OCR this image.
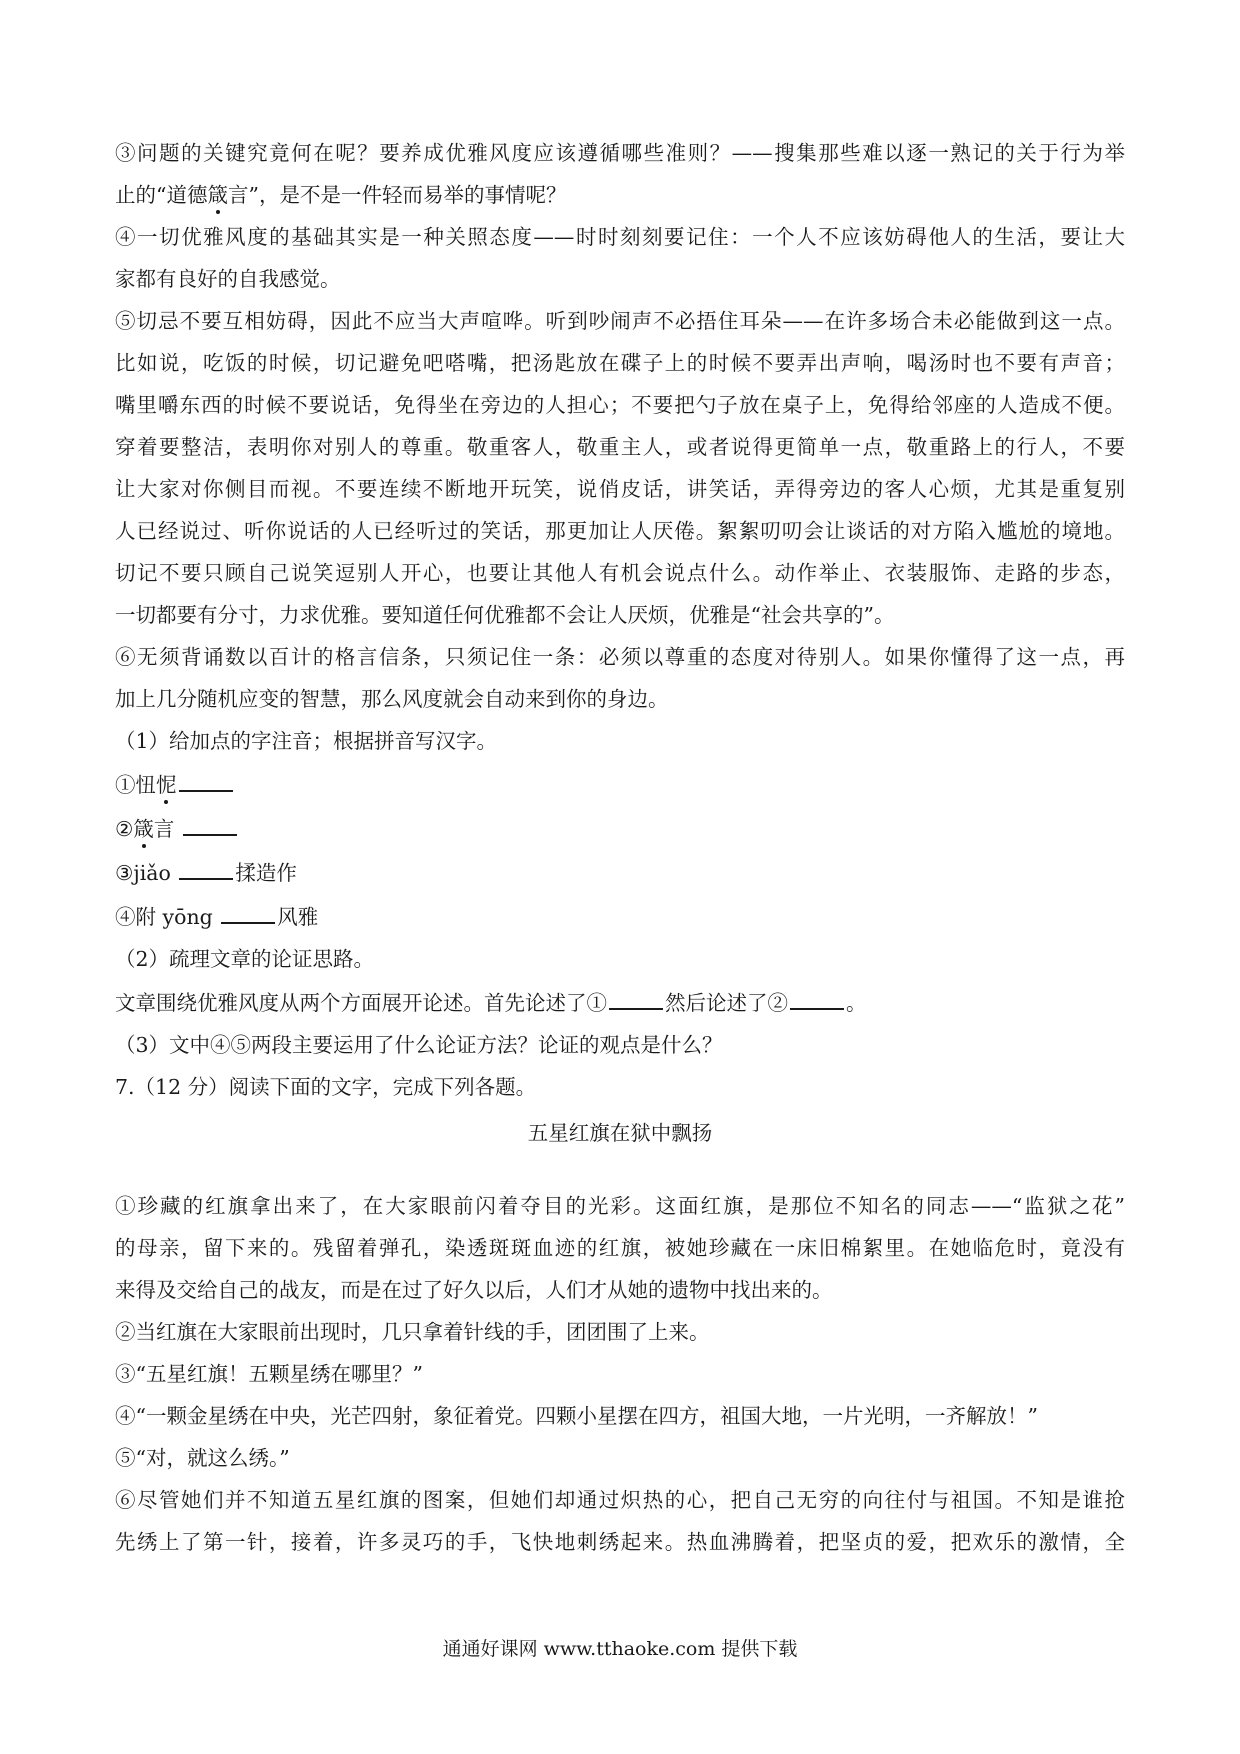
③问题的关键究竟何在呢？要养成优雅风度应该遵循哪些准则？——搜集那些难以逐一熟记的关于行为举
止的“道德箴言”，是不是一件轻而易举的事情呢？
④一切优雅风度的基础其实是一种关照态度——时时刻刻要记住：一个人不应该妨碍他人的生活，要让大
家都有良好的自我感觉。
⑤切忌不要互相妨碍，因此不应当大声喧哗。听到吵闹声不必捂住耳朵——在许多场合未必能做到这一点。
比如说，吃饭的时候，切记避免吧嗒嘴，把汤匙放在碟子上的时候不要弄出声响，喝汤时也不要有声音；
嘴里嚼东西的时候不要说话，免得坐在旁边的人担心；不要把勺子放在桌子上，免得给邻座的人造成不便。
穿着要整洁，表明你对别人的尊重。敬重客人，敬重主人，或者说得更简单一点，敬重路上的行人，不要
让大家对你侧目而视。不要连续不断地开玩笑，说俏皮话，讲笑话，弄得旁边的客人心烦，尤其是重复别
人已经说过、听你说话的人已经听过的笑话，那更加让人厌倦。絮絮叨叨会让谈话的对方陷入尴尬的境地。
切记不要只顾自己说笑逗别人开心，也要让其他人有机会说点什么。动作举止、衣装服饰、走路的步态，
一切都要有分寸，力求优雅。要知道任何优雅都不会让人厌烦，优雅是“社会共享的”。
⑥无须背诵数以百计的格言信条，只须记住一条：必须以尊重的态度对待别人。如果你懂得了这一点，再
加上几分随机应变的智慧，那么风度就会自动来到你的身边。
（1）给加点的字注音；根据拼音写汉字。
①忸怩
②箴言
③jiǎo	揉造作
④附 yōng	风雅
（2）疏理文章的论证思路。
文章围绕优雅风度从两个方面展开论述。首先论述了①	然后论述了②	。
（3）文中④⑤两段主要运用了什么论证方法？论证的观点是什么？
7.（12 分）阅读下面的文字，完成下列各题。
五星红旗在狱中飘扬
①珍藏的红旗拿出来了，在大家眼前闪着夺目的光彩。这面红旗，是那位不知名的同志——“监狱之花”
的母亲，留下来的。残留着弹孔，染透斑斑血迹的红旗，被她珍藏在一床旧棉絮里。在她临危时，竟没有
来得及交给自己的战友，而是在过了好久以后，人们才从她的遗物中找出来的。
②当红旗在大家眼前出现时，几只拿着针线的手，团团围了上来。
③“五星红旗！五颗星绣在哪里？”
④“一颗金星绣在中央，光芒四射，象征着党。四颗小星摆在四方，祖国大地，一片光明，一齐解放！”
⑤“对，就这么绣。”
⑥尽管她们并不知道五星红旗的图案，但她们却通过炽热的心，把自己无穷的向往付与祖国。不知是谁抢
先绣上了第一针，接着，许多灵巧的手，飞快地刺绣起来。热血沸腾着，把坚贞的爱，把欢乐的激情，全
通通好课网 www.tthaoke.com 提供下载
